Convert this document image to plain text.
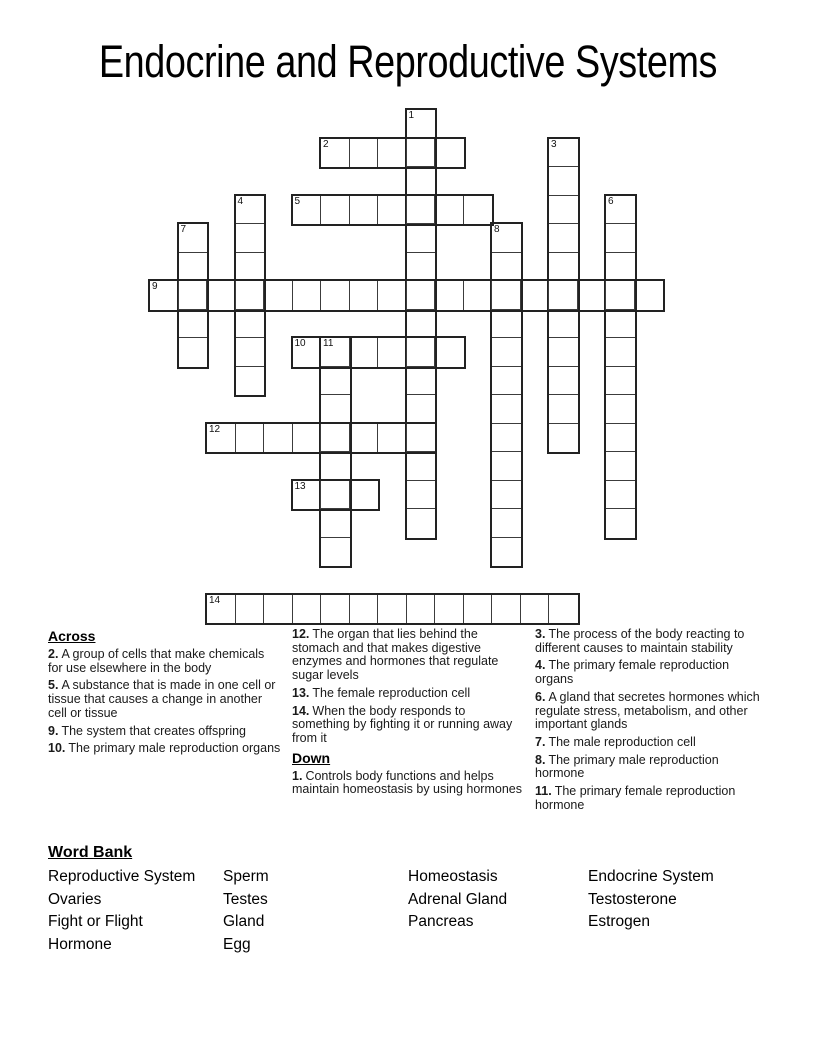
Endocrine and Reproductive Systems
1
2	3
4	5	6
7	8
9
10 11
12
13
14
Across

2. A group of cells that make chemicals for use elsewhere in the body

5. A substance that is made in one cell or tissue that causes a change in another cell or tissue

9. The system that creates offspring

10. The primary male reproduction organs

12. The organ that lies behind the stomach and that makes digestive enzymes and hormones that regulate sugar levels

13. The female reproduction cell

14. When the body responds to something by fighting it or running away from it

Down

1. Controls body functions and helps maintain homeostasis by using hormones

3. The process of the body reacting to different causes to maintain stability

4. The primary female reproduction organs

6. A gland that secretes hormones which regulate stress, metabolism, and other important glands

7. The male reproduction cell

8. The primary male reproduction hormone

11. The primary female reproduction hormone

Word Bank
Reproductive System
Ovaries
Fight or Flight
Hormone
Sperm
Testes
Gland
Egg
Homeostasis
Adrenal Gland
Pancreas
Endocrine System
Testosterone
Estrogen
